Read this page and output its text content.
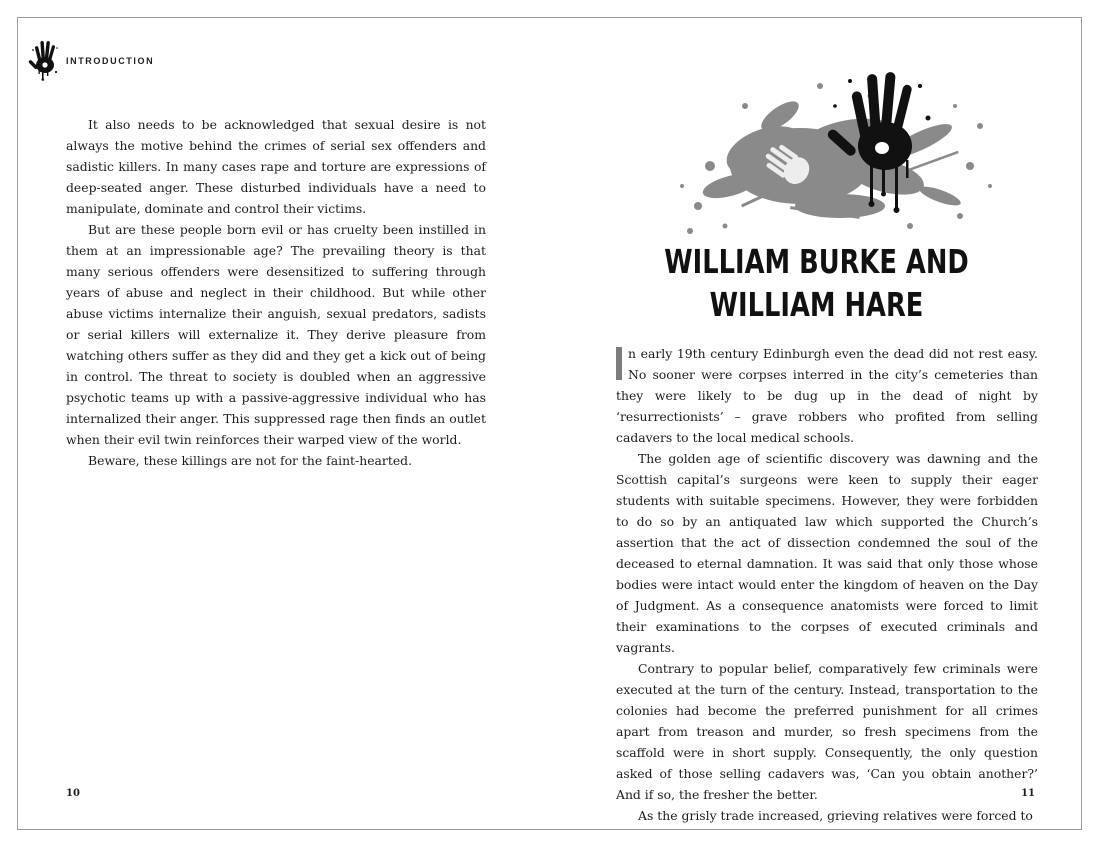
INTRODUCTION

It also needs to be acknowledged that sexual desire is not always the motive behind the crimes of serial sex offenders and sadistic killers. In many cases rape and torture are expressions of deep-seated anger. These disturbed individuals have a need to manipulate, dominate and control their victims.

But are these people born evil or has cruelty been instilled in them at an impressionable age? The prevailing theory is that many serious offenders were desensitized to suffering through years of abuse and neglect in their childhood. But while other abuse victims internalize their anguish, sexual predators, sadists or serial killers will externalize it. They derive pleasure from watching others suffer as they did and they get a kick out of being in control. The threat to society is doubled when an aggressive psychotic teams up with a passive-aggressive individual who has internalized their anger. This suppressed rage then finds an outlet when their evil twin reinforces their warped view of the world.

Beware, these killings are not for the faint-hearted.

10
WILLIAM BURKE AND
WILLIAM HARE

n early 19th century Edinburgh even the dead did not rest easy. No sooner were corpses interred in the city’s cemeteries than they were likely to be dug up in the dead of night by ‘resurrectionists’ – grave robbers who profited from selling cadavers to the local medical schools.

The golden age of scientific discovery was dawning and the Scottish capital’s surgeons were keen to supply their eager students with suitable specimens. However, they were forbidden to do so by an antiquated law which supported the Church’s assertion that the act of dissection condemned the soul of the deceased to eternal damnation. It was said that only those whose bodies were intact would enter the kingdom of heaven on the Day of Judgment. As a consequence anatomists were forced to limit their examinations to the corpses of executed criminals and vagrants.

Contrary to popular belief, comparatively few criminals were executed at the turn of the century. Instead, transportation to the colonies had become the preferred punishment for all crimes apart from treason and murder, so fresh specimens from the scaffold were in short supply. Consequently, the only question asked of those selling cadavers was, ‘Can you obtain another?’ And if so, the fresher the better.

As the grisly trade increased, grieving relatives were forced to

11
